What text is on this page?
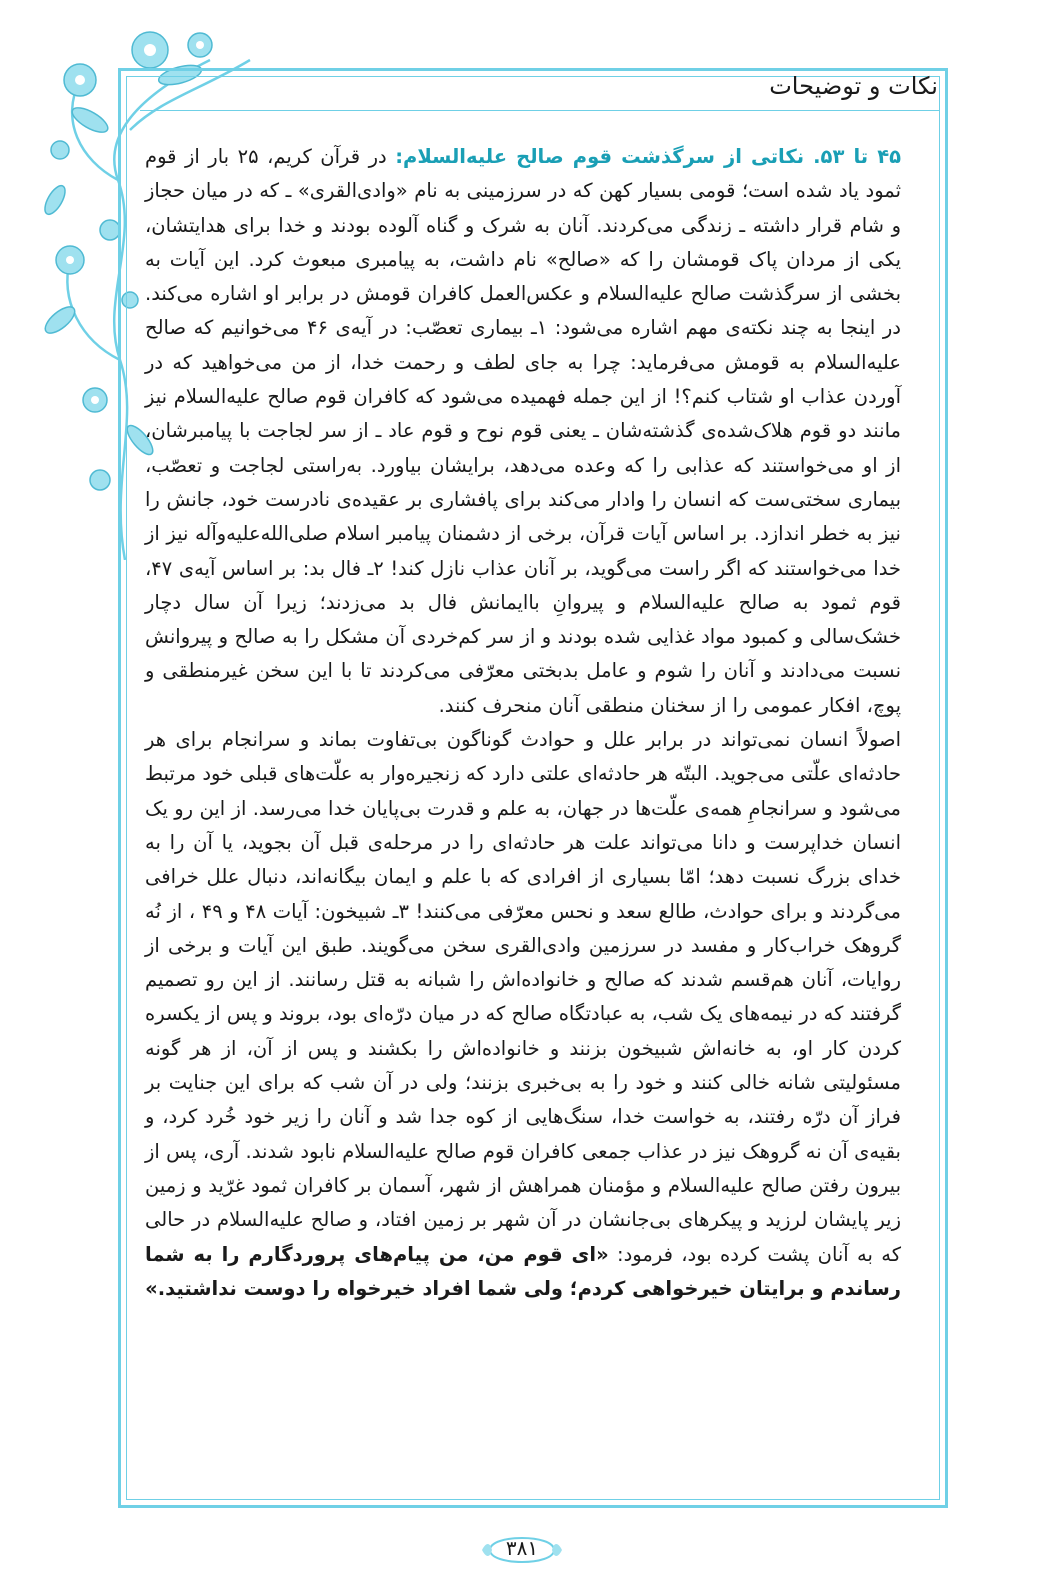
نکات و توضیحات

۴۵ تا ۵۳. نکاتی از سرگذشت قوم صالح علیه‌السلام: در قرآن کریم، ۲۵ بار از قوم ثمود یاد شده است؛ قومی بسیار کهن که در سرزمینی به نام «وادی‌القری» ـ که در میان حجاز و شام قرار داشته ـ زندگی می‌کردند. آنان به شرک و گناه آلوده بودند و خدا برای هدایتشان، یکی از مردان پاک قومشان را که «صالح» نام داشت، به پیامبری مبعوث کرد. این آیات به بخشی از سرگذشت صالح علیه‌السلام و عکس‌العمل کافران قومش در برابر او اشاره می‌کند. در اینجا به چند نکته‌ی مهم اشاره می‌شود: ۱ـ بیماری تعصّب: در آیه‌ی ۴۶ می‌خوانیم که صالح علیه‌السلام به قومش می‌فرماید: چرا به جای لطف و رحمت خدا، از من می‌خواهید که در آوردن عذاب او شتاب کنم؟! از این جمله فهمیده می‌شود که کافران قوم صالح علیه‌السلام نیز مانند دو قوم هلاک‌شده‌ی گذشته‌شان ـ یعنی قوم نوح و قوم عاد ـ از سر لجاجت با پیامبرشان، از او می‌خواستند که عذابی را که وعده می‌دهد، برایشان بیاورد. به‌راستی لجاجت و تعصّب، بیماری سختی‌ست که انسان را وادار می‌کند برای پافشاری بر عقیده‌ی نادرست خود، جانش را نیز به خطر اندازد. بر اساس آیات قرآن، برخی از دشمنان پیامبر اسلام صلی‌الله‌علیه‌وآله نیز از خدا می‌خواستند که اگر راست می‌گوید، بر آنان عذاب نازل کند! ۲ـ فال بد: بر اساس آیه‌ی ۴۷، قوم ثمود به صالح علیه‌السلام و پیروانِ باایمانش فال بد می‌زدند؛ زیرا آن سال دچار خشک‌سالی و کمبود مواد غذایی شده بودند و از سر کم‌خردی آن مشکل را به صالح و پیروانش نسبت می‌دادند و آنان را شوم و عامل بدبختی معرّفی می‌کردند تا با این سخن غیرمنطقی و پوچ، افکار عمومی را از سخنان منطقی آنان منحرف کنند.

اصولاً انسان نمی‌تواند در برابر علل و حوادث گوناگون بی‌تفاوت بماند و سرانجام برای هر حادثه‌ای علّتی می‌جوید. البتّه هر حادثه‌ای علتی دارد که زنجیره‌وار به علّت‌های قبلی خود مرتبط می‌شود و سرانجامِ همه‌ی علّت‌ها در جهان، به علم و قدرت بی‌پایان خدا می‌رسد. از این رو یک انسان خداپرست و دانا می‌تواند علت هر حادثه‌ای را در مرحله‌ی قبل آن بجوید، یا آن را به خدای بزرگ نسبت دهد؛ امّا بسیاری از افرادی که با علم و ایمان بیگانه‌اند، دنبال علل خرافی می‌گردند و برای حوادث، طالع سعد و نحس معرّفی می‌کنند! ۳ـ شبیخون: آیات ۴۸ و ۴۹ ، از نُه گروهک خراب‌کار و مفسد در سرزمین وادی‌القری سخن می‌گویند. طبق این آیات و برخی از روایات، آنان هم‌قسم شدند که صالح و خانواده‌اش را شبانه به قتل رسانند. از این رو تصمیم گرفتند که در نیمه‌های یک شب، به عبادتگاه صالح که در میان درّه‌ای بود، بروند و پس از یکسره کردن کار او، به خانه‌اش شبیخون بزنند و خانواده‌اش را بکشند و پس از آن، از هر گونه مسئولیتی شانه خالی کنند و خود را به بی‌خبری بزنند؛ ولی در آن شب که برای این جنایت بر فراز آن درّه رفتند، به خواست خدا، سنگ‌هایی از کوه جدا شد و آنان را زیر خود خُرد کرد، و بقیه‌ی آن نه گروهک نیز در عذاب جمعی کافران قوم صالح علیه‌السلام نابود شدند. آری، پس از بیرون رفتن صالح علیه‌السلام و مؤمنان همراهش از شهر، آسمان بر کافران ثمود غرّید و زمین زیر پایشان لرزید و پیکرهای بی‌جانشان در آن شهر بر زمین افتاد، و صالح علیه‌السلام در حالی که به آنان پشت کرده بود، فرمود: «ای قوم من، من پیام‌های پروردگارم را به شما رساندم و برایتان خیرخواهی کردم؛ ولی شما افراد خیرخواه را دوست نداشتید.»

۳۸۱
